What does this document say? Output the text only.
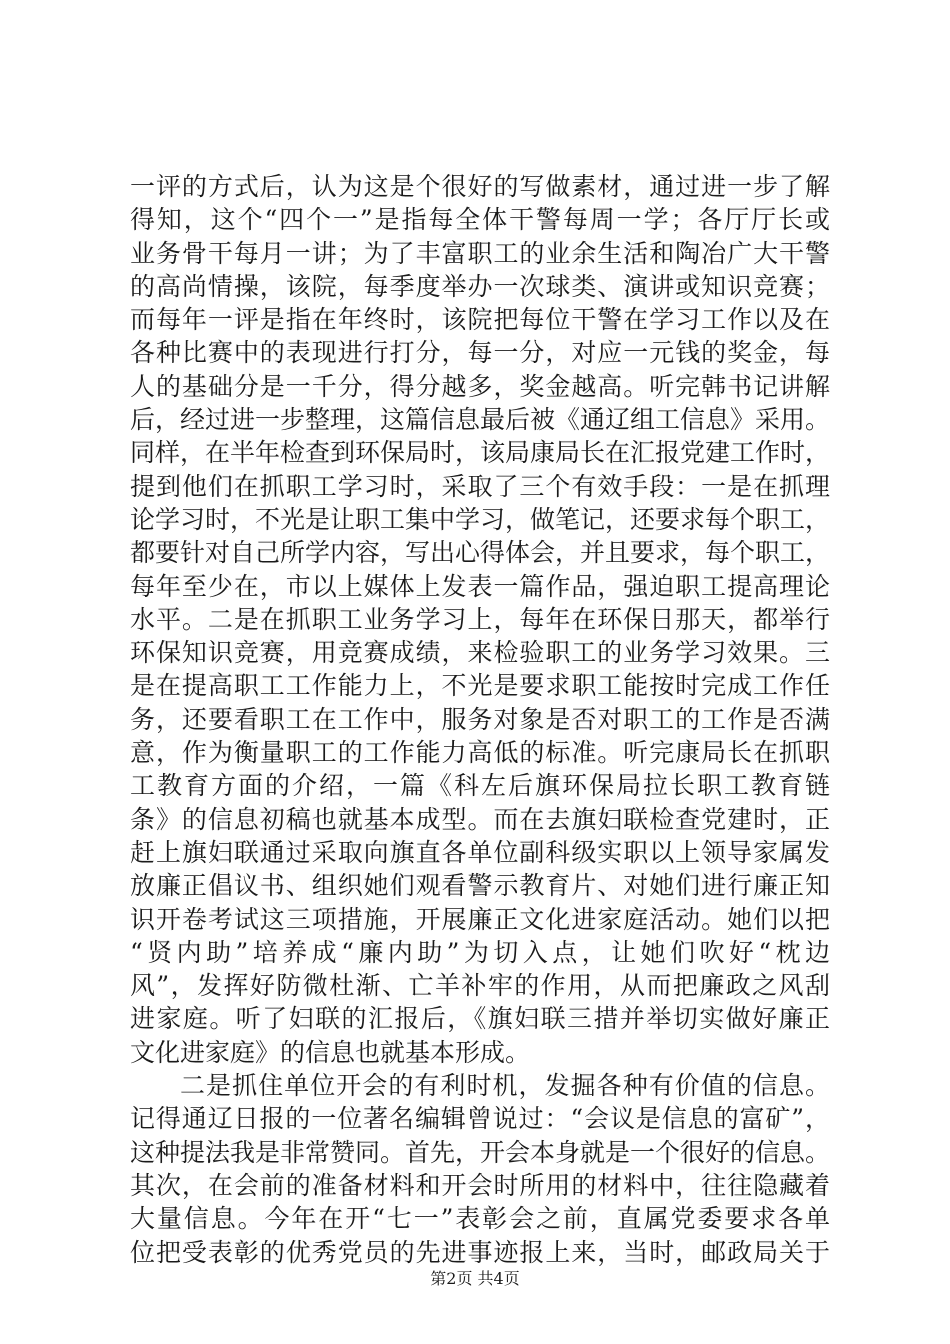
一评的方式后，认为这是个很好的写做素材，通过进一步了解
得知，这个“四个一”是指每全体干警每周一学；各厅厅长或
业务骨干每月一讲；为了丰富职工的业余生活和陶冶广大干警
的高尚情操，该院，每季度举办一次球类、演讲或知识竞赛；
而每年一评是指在年终时，该院把每位干警在学习工作以及在
各种比赛中的表现进行打分，每一分，对应一元钱的奖金，每
人的基础分是一千分，得分越多，奖金越高。听完韩书记讲解
后，经过进一步整理，这篇信息最后被《通辽组工信息》采用。
同样，在半年检查到环保局时，该局康局长在汇报党建工作时，
提到他们在抓职工学习时，采取了三个有效手段：一是在抓理
论学习时，不光是让职工集中学习，做笔记，还要求每个职工，
都要针对自己所学内容，写出心得体会，并且要求，每个职工，
每年至少在，市以上媒体上发表一篇作品，强迫职工提高理论
水平。二是在抓职工业务学习上，每年在环保日那天，都举行
环保知识竞赛，用竞赛成绩，来检验职工的业务学习效果。三
是在提高职工工作能力上，不光是要求职工能按时完成工作任
务，还要看职工在工作中，服务对象是否对职工的工作是否满
意，作为衡量职工的工作能力高低的标准。听完康局长在抓职
工教育方面的介绍，一篇《科左后旗环保局拉长职工教育链
条》的信息初稿也就基本成型。而在去旗妇联检查党建时，正
赶上旗妇联通过采取向旗直各单位副科级实职以上领导家属发
放廉正倡议书、组织她们观看警示教育片、对她们进行廉正知
识开卷考试这三项措施，开展廉正文化进家庭活动。她们以把
“贤内助”培养成“廉内助”为切入点，让她们吹好“枕边
风”，发挥好防微杜渐、亡羊补牢的作用，从而把廉政之风刮
进家庭。听了妇联的汇报后，《旗妇联三措并举切实做好廉正
文化进家庭》的信息也就基本形成。
二是抓住单位开会的有利时机，发掘各种有价值的信息。
记得通辽日报的一位著名编辑曾说过：“会议是信息的富矿”，
这种提法我是非常赞同。首先，开会本身就是一个很好的信息。
其次，在会前的准备材料和开会时所用的材料中，往往隐藏着
大量信息。今年在开“七一”表彰会之前，直属党委要求各单
位把受表彰的优秀党员的先进事迹报上来，当时，邮政局关于
第2页 共4页
